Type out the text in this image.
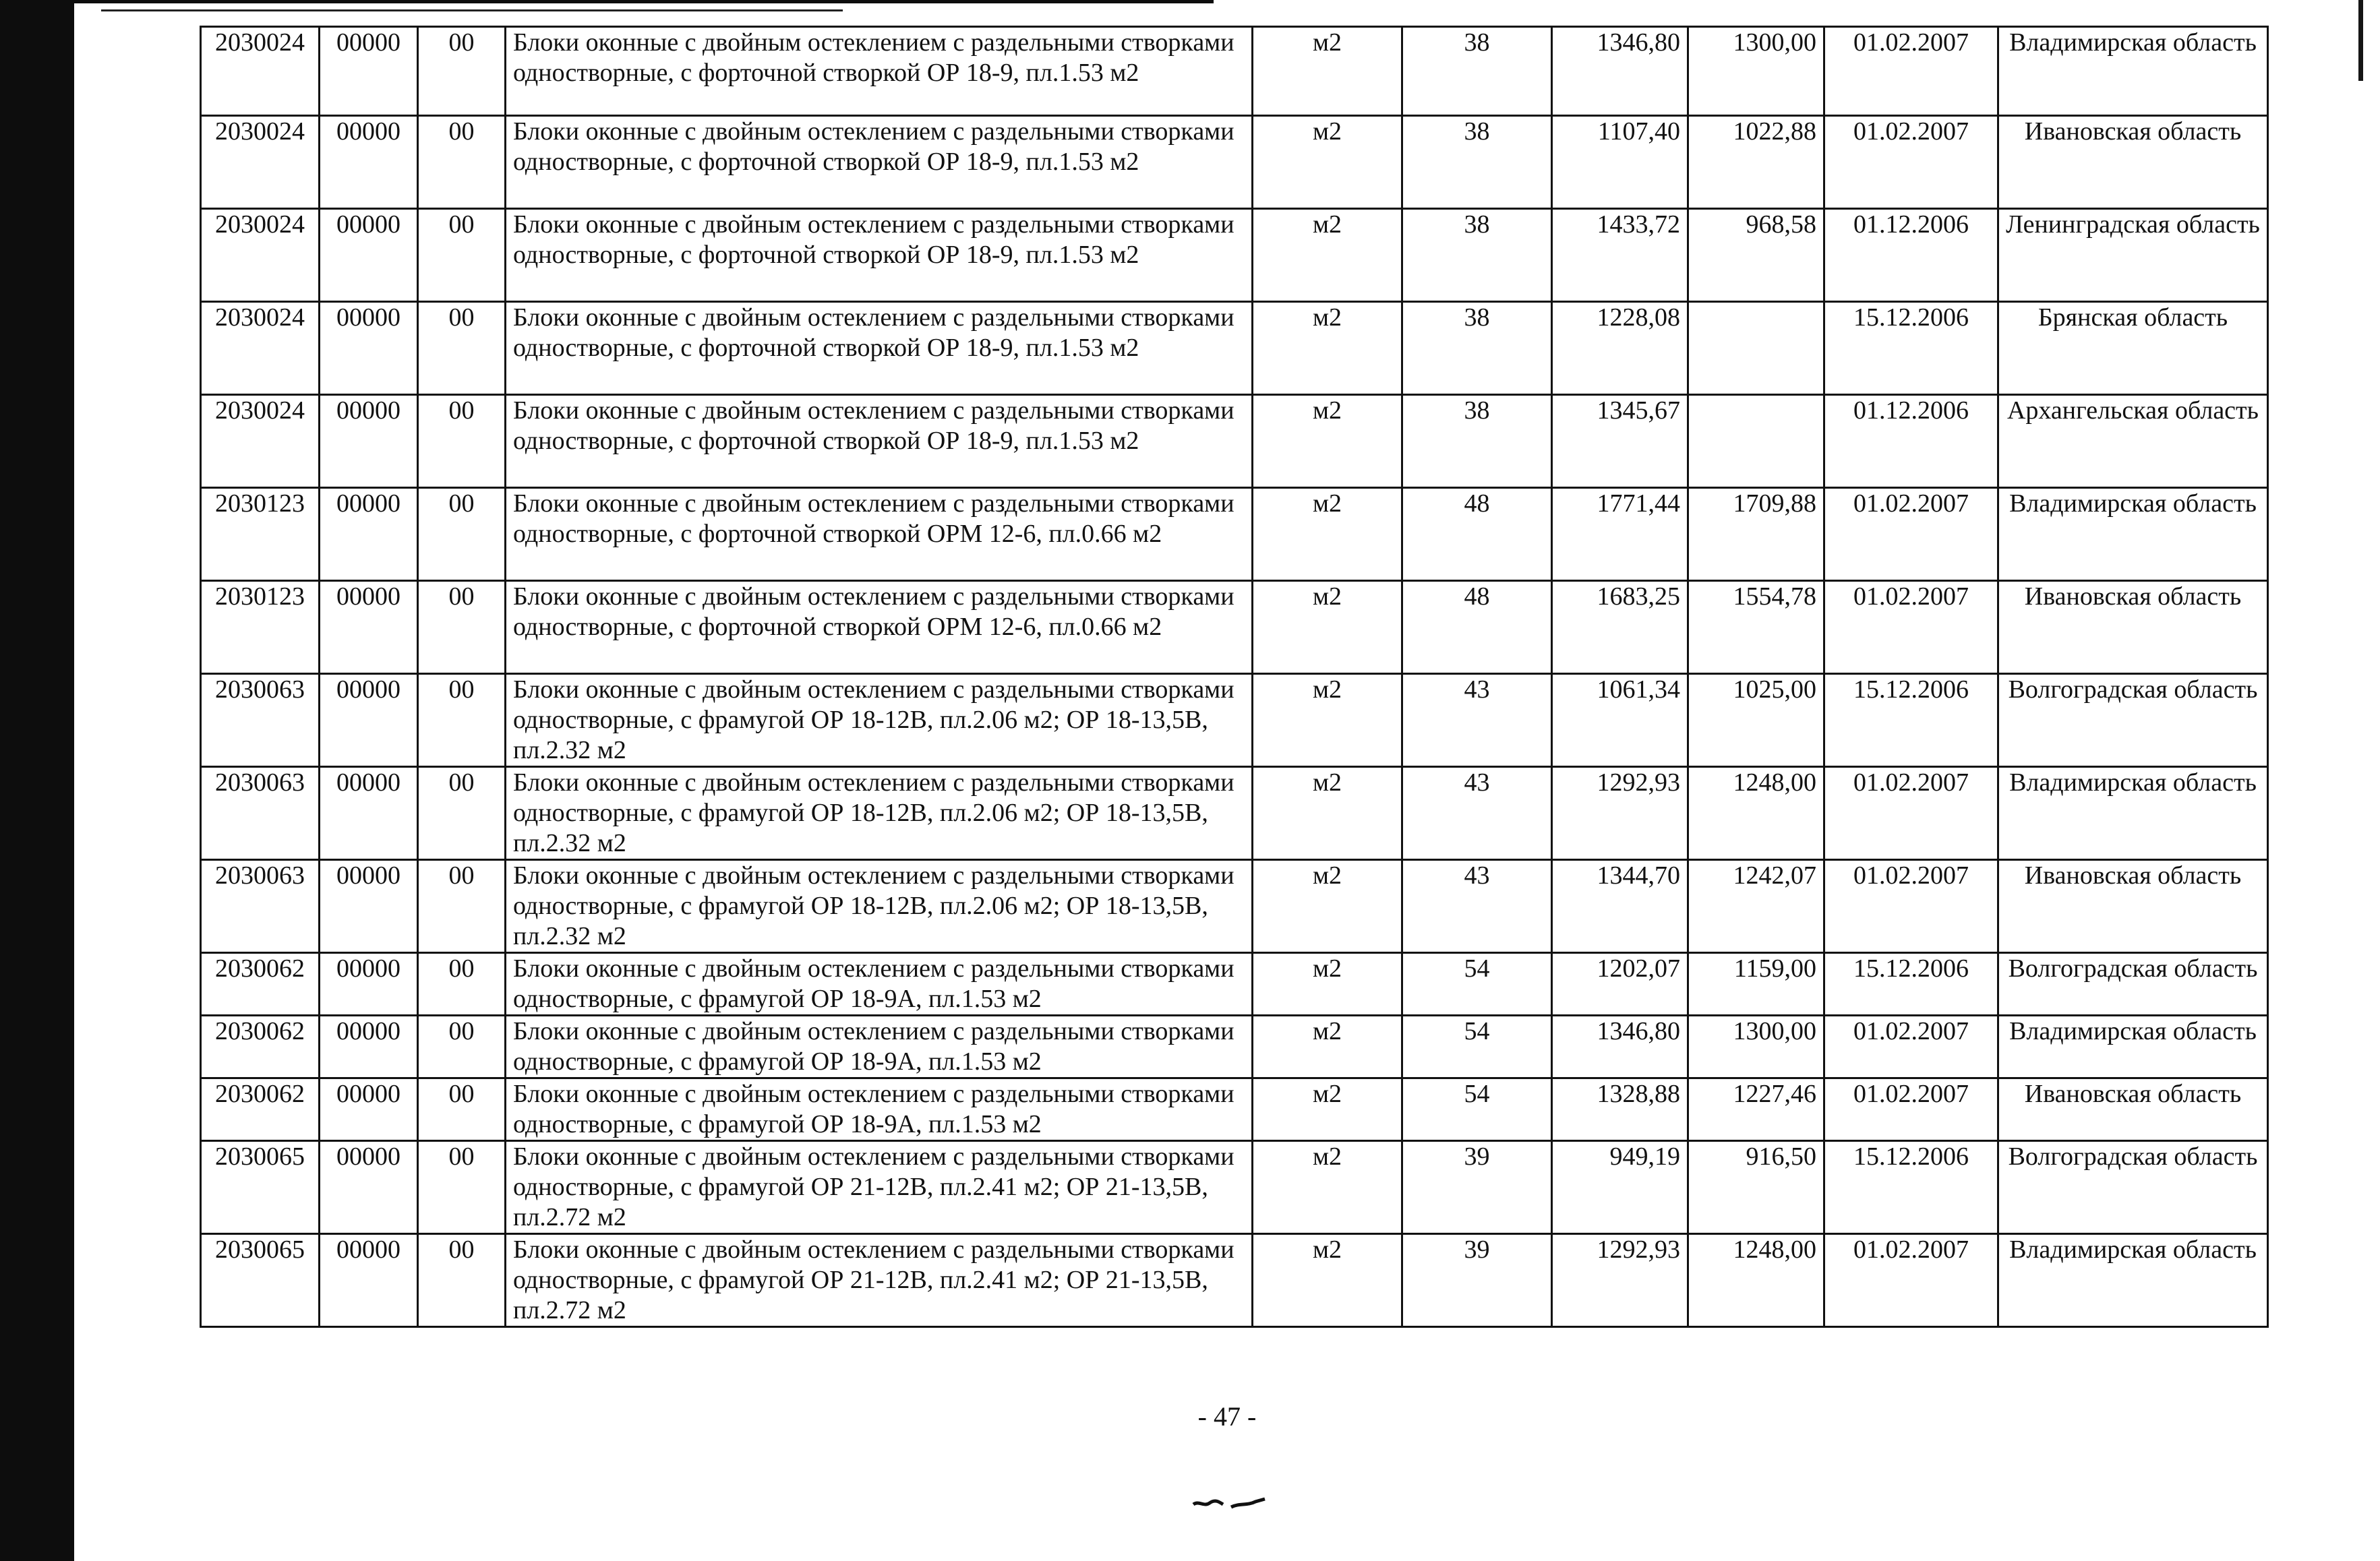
2030024	00000	00	Блоки оконные с двойным остеклением с раздельными створками одностворные, с форточной створкой ОР 18-9, пл.1.53 м2	м2	38	1346,80	1300,00	01.02.2007	Владимирская область
2030024	00000	00	Блоки оконные с двойным остеклением с раздельными створками одностворные, с форточной створкой ОР 18-9, пл.1.53 м2	м2	38	1107,40	1022,88	01.02.2007	Ивановская область
2030024	00000	00	Блоки оконные с двойным остеклением с раздельными створками одностворные, с форточной створкой ОР 18-9, пл.1.53 м2	м2	38	1433,72	968,58	01.12.2006	Ленинградская область
2030024	00000	00	Блоки оконные с двойным остеклением с раздельными створками одностворные, с форточной створкой ОР 18-9, пл.1.53 м2	м2	38	1228,08		15.12.2006	Брянская область
2030024	00000	00	Блоки оконные с двойным остеклением с раздельными створками одностворные, с форточной створкой ОР 18-9, пл.1.53 м2	м2	38	1345,67		01.12.2006	Архангельская область
2030123	00000	00	Блоки оконные с двойным остеклением с раздельными створками одностворные, с форточной створкой ОРМ 12-6, пл.0.66 м2	м2	48	1771,44	1709,88	01.02.2007	Владимирская область
2030123	00000	00	Блоки оконные с двойным остеклением с раздельными створками одностворные, с форточной створкой ОРМ 12-6, пл.0.66 м2	м2	48	1683,25	1554,78	01.02.2007	Ивановская область
2030063	00000	00	Блоки оконные с двойным остеклением с раздельными створками одностворные, с фрамугой ОР 18-12В, пл.2.06 м2; ОР 18-13,5В, пл.2.32 м2	м2	43	1061,34	1025,00	15.12.2006	Волгоградская область
2030063	00000	00	Блоки оконные с двойным остеклением с раздельными створками одностворные, с фрамугой ОР 18-12В, пл.2.06 м2; ОР 18-13,5В, пл.2.32 м2	м2	43	1292,93	1248,00	01.02.2007	Владимирская область
2030063	00000	00	Блоки оконные с двойным остеклением с раздельными створками одностворные, с фрамугой ОР 18-12В, пл.2.06 м2; ОР 18-13,5В, пл.2.32 м2	м2	43	1344,70	1242,07	01.02.2007	Ивановская область
2030062	00000	00	Блоки оконные с двойным остеклением с раздельными створками одностворные, с фрамугой ОР 18-9А, пл.1.53 м2	м2	54	1202,07	1159,00	15.12.2006	Волгоградская область
2030062	00000	00	Блоки оконные с двойным остеклением с раздельными створками одностворные, с фрамугой ОР 18-9А, пл.1.53 м2	м2	54	1346,80	1300,00	01.02.2007	Владимирская область
2030062	00000	00	Блоки оконные с двойным остеклением с раздельными створками одностворные, с фрамугой ОР 18-9А, пл.1.53 м2	м2	54	1328,88	1227,46	01.02.2007	Ивановская область
2030065	00000	00	Блоки оконные с двойным остеклением с раздельными створками одностворные, с фрамугой ОР 21-12В, пл.2.41 м2; ОР 21-13,5В, пл.2.72 м2	м2	39	949,19	916,50	15.12.2006	Волгоградская область
2030065	00000	00	Блоки оконные с двойным остеклением с раздельными створками одностворные, с фрамугой ОР 21-12В, пл.2.41 м2; ОР 21-13,5В, пл.2.72 м2	м2	39	1292,93	1248,00	01.02.2007	Владимирская область
- 47 -
